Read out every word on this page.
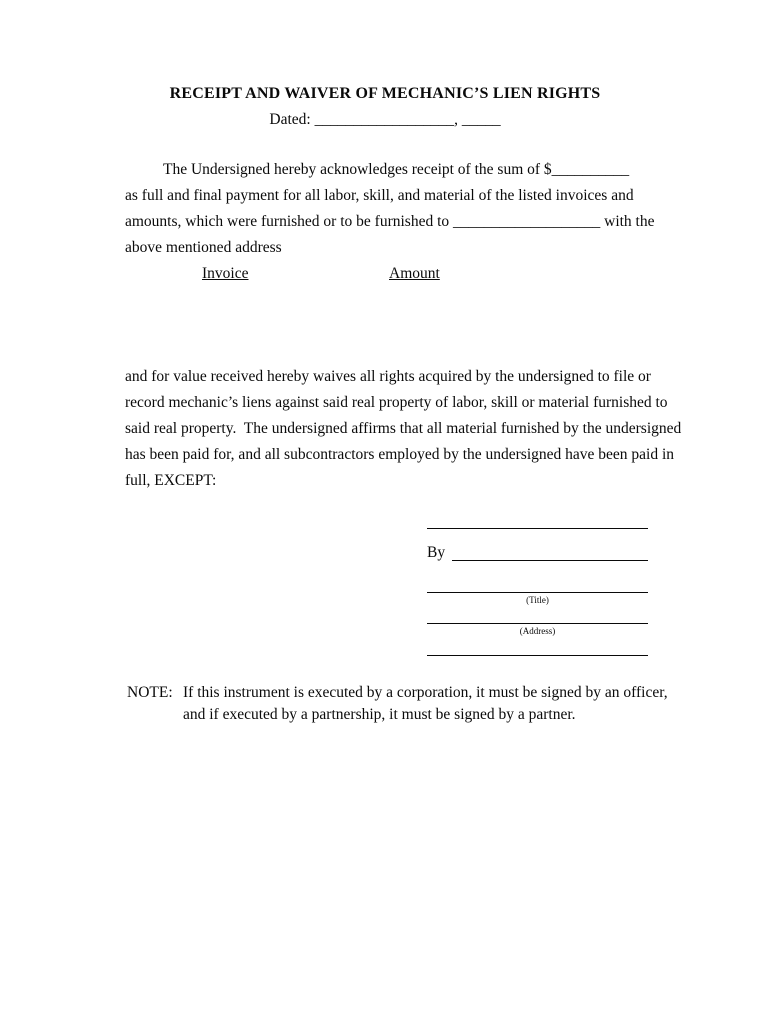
RECEIPT AND WAIVER OF MECHANIC’S LIEN RIGHTS
Dated: __________________, _____
The Undersigned hereby acknowledges receipt of the sum of $__________
as full and final payment for all labor, skill, and material of the listed invoices and
amounts, which were furnished or to be furnished to ___________________ with the
above mentioned address
Invoice	Amount
and for value received hereby waives all rights acquired by the undersigned to file or
record mechanic’s liens against said real property of labor, skill or material furnished to
said real property.  The undersigned affirms that all material furnished by the undersigned
has been paid for, and all subcontractors employed by the undersigned have been paid in
full, EXCEPT:
By
(Title)
(Address)
NOTE: If this instrument is executed by a corporation, it must be signed by an officer,
and if executed by a partnership, it must be signed by a partner.
